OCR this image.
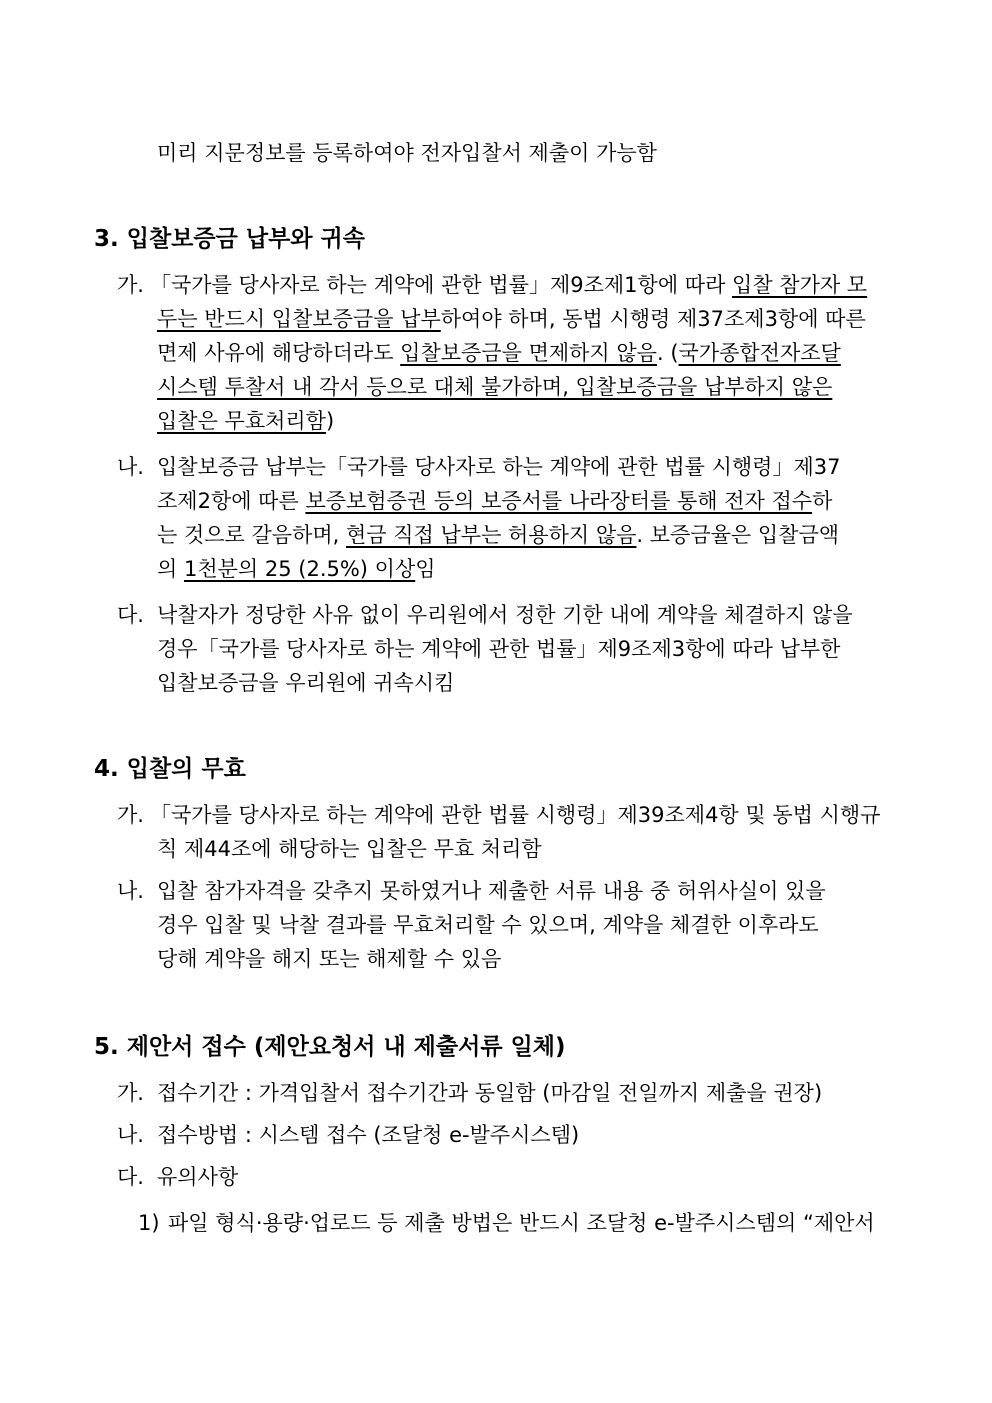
미리 지문정보를 등록하여야 전자입찰서 제출이 가능함
3. 입찰보증금 납부와 귀속
가. 「국가를 당사자로 하는 계약에 관한 법률」제9조제1항에 따라 입찰 참가자 모
두는 반드시 입찰보증금을 납부하여야 하며, 동법 시행령 제37조제3항에 따른
면제 사유에 해당하더라도 입찰보증금을 면제하지 않음. (국가종합전자조달
시스템 투찰서 내 각서 등으로 대체 불가하며, 입찰보증금을 납부하지 않은
입찰은 무효처리함)
나. 입찰보증금 납부는「국가를 당사자로 하는 계약에 관한 법률 시행령」제37
조제2항에 따른 보증보험증권 등의 보증서를 나라장터를 통해 전자 접수하
는 것으로 갈음하며, 현금 직접 납부는 허용하지 않음. 보증금율은 입찰금액
의 1천분의 25 (2.5%) 이상임
다. 낙찰자가 정당한 사유 없이 우리원에서 정한 기한 내에 계약을 체결하지 않을
경우「국가를 당사자로 하는 계약에 관한 법률」제9조제3항에 따라 납부한
입찰보증금을 우리원에 귀속시킴
4. 입찰의 무효
가. 「국가를 당사자로 하는 계약에 관한 법률 시행령」제39조제4항 및 동법 시행규
칙 제44조에 해당하는 입찰은 무효 처리함
나. 입찰 참가자격을 갖추지 못하였거나 제출한 서류 내용 중 허위사실이 있을
경우 입찰 및 낙찰 결과를 무효처리할 수 있으며, 계약을 체결한 이후라도
당해 계약을 해지 또는 해제할 수 있음
5. 제안서 접수 (제안요청서 내 제출서류 일체)
가. 접수기간 : 가격입찰서 접수기간과 동일함 (마감일 전일까지 제출을 권장)
나. 접수방법 : 시스템 접수 (조달청 e-발주시스템)
다. 유의사항
1) 파일 형식·용량·업로드 등 제출 방법은 반드시 조달청 e-발주시스템의 “제안서
